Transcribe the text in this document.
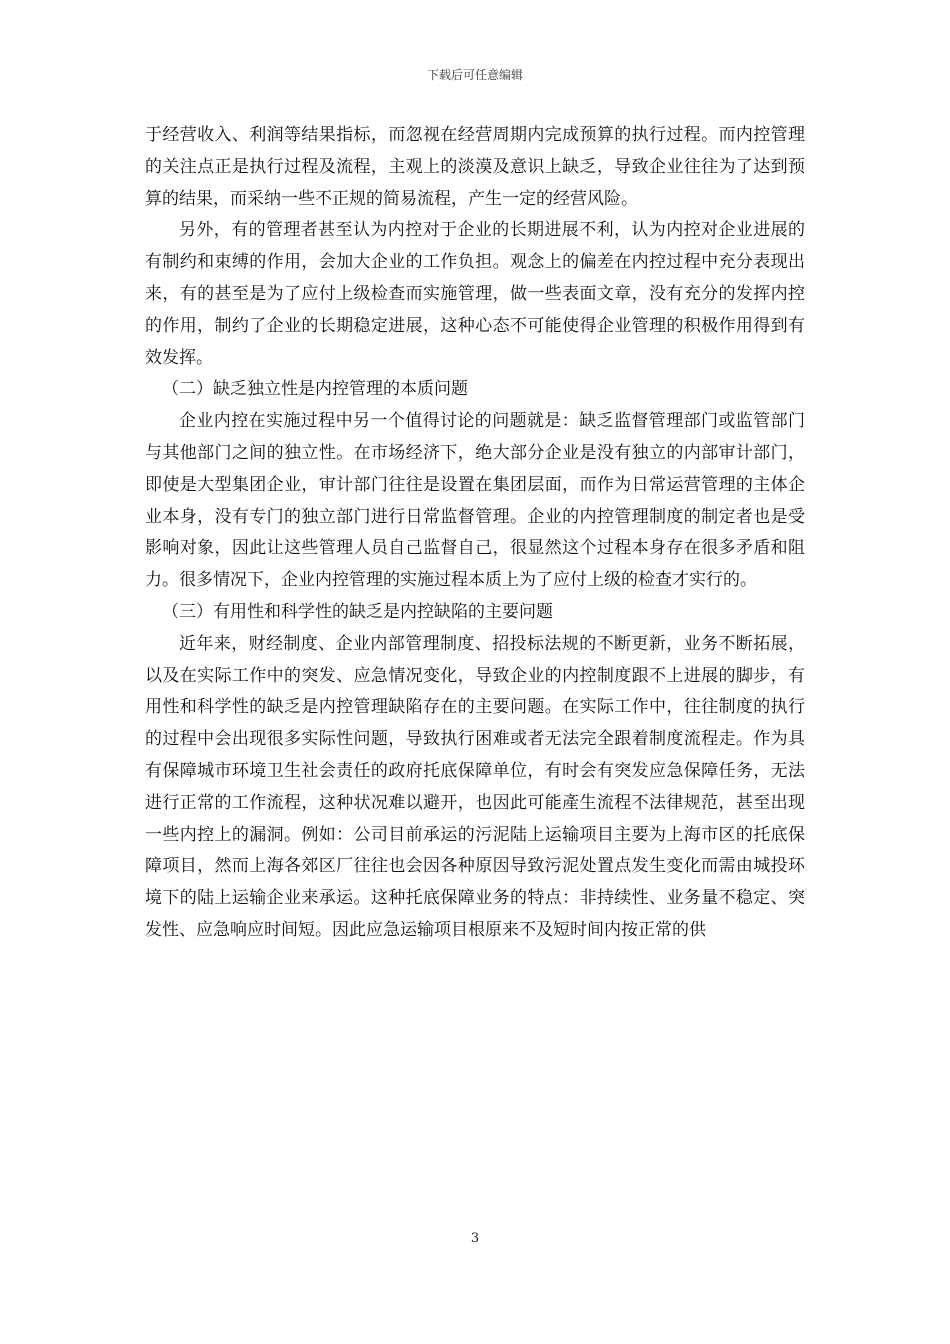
下载后可任意编辑

于经营收入、利润等结果指标，而忽视在经营周期内完成预算的执行过程。而内控管理的关注点正是执行过程及流程，主观上的淡漠及意识上缺乏，导致企业往往为了达到预算的结果，而采纳一些不正规的简易流程，产生一定的经营风险。

另外，有的管理者甚至认为内控对于企业的长期进展不利，认为内控对企业进展的有制约和束缚的作用，会加大企业的工作负担。观念上的偏差在内控过程中充分表现出来，有的甚至是为了应付上级检查而实施管理，做一些表面文章，没有充分的发挥内控的作用，制约了企业的长期稳定进展，这种心态不可能使得企业管理的积极作用得到有效发挥。

（二）缺乏独立性是内控管理的本质问题

企业内控在实施过程中另一个值得讨论的问题就是：缺乏监督管理部门或监管部门与其他部门之间的独立性。在市场经济下，绝大部分企业是没有独立的内部审计部门，即使是大型集团企业，审计部门往往是设置在集团层面，而作为日常运营管理的主体企业本身，没有专门的独立部门进行日常监督管理。企业的内控管理制度的制定者也是受影响对象，因此让这些管理人员自己监督自己，很显然这个过程本身存在很多矛盾和阻力。很多情况下，企业内控管理的实施过程本质上为了应付上级的检查才实行的。

（三）有用性和科学性的缺乏是内控缺陷的主要问题

近年来，财经制度、企业内部管理制度、招投标法规的不断更新，业务不断拓展，以及在实际工作中的突发、应急情况变化，导致企业的内控制度跟不上进展的脚步，有用性和科学性的缺乏是内控管理缺陷存在的主要问题。在实际工作中，往往制度的执行的过程中会出现很多实际性问题，导致执行困难或者无法完全跟着制度流程走。作为具有保障城市环境卫生社会责任的政府托底保障单位，有时会有突发应急保障任务，无法进行正常的工作流程，这种状况难以避开，也因此可能產生流程不法律规范，甚至出现一些内控上的漏洞。例如：公司目前承运的污泥陆上运输项目主要为上海市区的托底保障项目，然而上海各郊区厂往往也会因各种原因导致污泥处置点发生变化而需由城投环境下的陆上运输企业来承运。这种托底保障业务的特点：非持续性、业务量不稳定、突发性、应急响应时间短。因此应急运输项目根原来不及短时间内按正常的供

3
